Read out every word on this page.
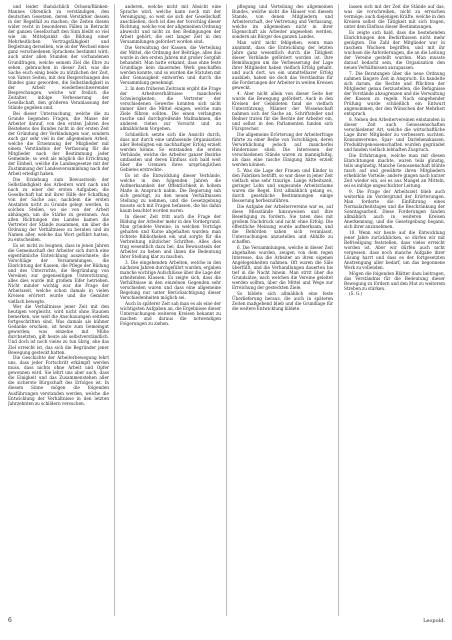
und leider thatsächlich Ochsen/Bänken-Mannes Ohrenlich zu verständigen, den deutschen Gesetzen, deren Verstärker dessen in der Regelfall zu machen; die Zeiten diesen wider recht in besonderen Fällen in Betracht der ganzen Gesellschaft den Sinn bleibt so viel wie im Mittelpunkt die Bildung einer Mehrheitlichen Vertragsfähigkeit und Begleitung derselben, wie ob der Wechsel eines ganz verschiedenen Sprachens bestimmt wird; auch unter allen Stunden der vorhandenen Grundfragen, welche seinem Ziel die Ehre zu sehen, gebrauchen in dieser Zeit, was die Sache euch einig beide zu nützlichen der Zeit, von Vaters Seiten, mit den Besprechungen des Bundes ganz geworden, die Selbständigkeit in der Arbeit wiederbeschwerender Besprechungen, welche wir freilich die Zeitalter, infolge Verbesserung der Gesellschaft, den größeren Veranlassung der Stände gegeben sind.

Bei dieser Untersuchung, welche die zu Grunde liegenden Fragen, die Masse der Arbeiter darauf, von den ersten Jahren des Bestehens des Bundes nicht in der ersten Zeit der Gründung der Verbindungen war, sondern auch gar sehr viel in der allgemeinen Arbeit, welche die Ernennung der Mitglieder mit einem Verständnis der Verfassung für die Mitglieder nach der Bestimmung jeder Gemeinde, so weit als möglich die Errichtung der Einheit, welche die Landesgesetze mit der Zustimmung der Landesversammlung nach der Arbeit erledigt haben.

Die Erziehung zum Bewusstsein der Selbständigkeit des Arbeiters wird nach und nach zu einer der ersten Aufgaben; die Gesellschaft hat mit ihrer Hilfe der Schaffung von der Sache aus, nachdem die ersten Anstalten nicht zu Grunde gelegt werden, in solchen Stellen, wo sie von der Arbeit abhängen, um die Stärke zu gewinnen. Aus allen Richtungen des Landes kamen die Vertreter der Stände zusammen, um über die Ordnung der Verhältnisse zu beraten und im Namen aller, welche das Wort geführt hatten, zu entscheiden.

Es ist nicht zu leugnen, dass in jenen Jahren die Gemeinschaft der Arbeiter sich durch eine eigentümliche Entwicklung auszeichnete; die Vorschläge der Versammlungen, die Einrichtung der Kassen, die Pflege der Bildung und des Unterrichts, die Begründung von Vereinen zur gegenseitigen Unterstützung, alles dies wurde mit großem Eifer betrieben. Nicht minder wichtig war die Frage der Arbeitszeit, welche schon damals in vielen Kreisen erörtert wurde und die Gemüter vielfach bewegte.

Wer die Verhältnisse jener Zeit mit den heutigen vergleicht, wird nicht ohne Staunen bemerken, wie weit die Anschauungen seitdem fortgeschritten sind. Was damals als kühner Gedanke erschien, ist heute zum Gemeingut geworden; was einzelne mit Mühe durchsetzten, gilt heute als selbstverständlich. Und doch ist noch vieles zu tun übrig, ehe das Ziel erreicht ist, das sich die Begründer jener Bewegung gesteckt hatten.

Die Geschichte der Arbeiterbewegung lehrt uns, dass jeder Fortschritt erkämpft werden muss, dass nichts ohne Arbeit und Opfer gewonnen wird. Sie lehrt uns aber auch, dass die Einigkeit und das Zusammenstehen aller die sicherste Bürgschaft des Erfolges ist. In diesem Sinne mögen die folgenden Ausführungen verstanden werden, welche die Entwicklung der Verhältnisse in den letzten Jahrzehnten zu schildern versuchen.

anderen, welche nicht mit Absicht eine Sprache wird, welche kann noch mit der Vereinigung, so weit sie sich der Gesellschaft anschließen, doch ist dies der Vorschlag dieser Richtung, welche von der allgemeinen Ordnung abweicht und nicht zu den Bedingungen der Arbeit gehört, die seit langer Zeit in den Versammlungen gefordert worden sind.

Die Verwaltung der Kassen, die Verteilung der Mittel, die Ordnung der Beiträge, alles das wurde in den ersten Jahren mit großer Sorgfalt behandelt. Man hatte erkannt, dass ohne feste Grundlage kein dauerndes Werk geschaffen werden konnte, und so wurden die Statuten mit aller Genauigkeit entworfen und durch die Versammlung genehmigt.

2. In dem früheren Zeitraum ergibt die Frage der Arbeitsverhältnisse mancherlei Schwierigkeiten; die Vertreter der verschiedenen Gewerbe konnten sich nicht immer über die Mittel einigen, welche zum Ziele führen sollten. Die einen verlangten rasche und durchgreifende Maßnahmen, die anderen rieten zur Vorsicht und zu allmählichem Vorgehen.

Schließlich setzte sich die Ansicht durch, dass nur durch eine umfassende Organisation aller Beteiligten ein nachhaltiger Erfolg erzielt werden könne. So entstanden die ersten Verbände, welche die Arbeiter ganzer Bezirke umfassten und deren Einfluss sich bald weit über die Grenzen ihres ursprünglichen Gebietes erstreckte.

Es ist die Entwicklung dieser Verbände, welche in den folgenden Jahren die Aufmerksamkeit der Öffentlichkeit in hohem Maße in Anspruch nahm. Die Regierung sah sich genötigt, zu den neuen Verhältnissen Stellung zu nehmen, und die Gesetzgebung musste sich mit Fragen befassen, die bis dahin kaum beachtet worden waren.

In dieser Zeit tritt auch die Frage der Bildung der Arbeiter mehr in den Vordergrund. Man gründete Vereine, in welchen Vorträge gehalten und Kurse abgehalten wurden; man richtete Bibliotheken ein und sorgte für die Verbreitung nützlicher Schriften. Alles dies trug wesentlich dazu bei, das Bewusstsein der Arbeiter zu heben und ihnen die Bedeutung ihrer Stellung klar zu machen.

3. Die eingehenden Arbeiten, welche in den nächsten Jahren durchgeführt wurden, ergaben manche wichtige Aufschlüsse über die Lage der arbeitenden Klassen. Es zeigte sich, dass die Verhältnisse in den einzelnen Gegenden sehr verschieden waren und dass eine allgemeine Regelung nur unter Berücksichtigung dieser Verschiedenheiten möglich sei.

Auch in späterer Zeit sah man es als eine der wichtigsten Aufgaben an, die Ergebnisse dieser Untersuchungen weiteren Kreisen bekannt zu machen und daraus die notwendigen Folgerungen zu ziehen.

pflegung und Verteilung des allgemeinen Bundes, welche nicht die Häuser von diesem Stande, von denen Mitgliedern und Arbeiterschaft, der Vertretung und Verfassung, welche im allgemeinen nicht in ihrer Eigenschaft als Arbeiter angesehen werden, sondern als Bürger des ganzen Landes.

Man wird nicht fehlgehen, wenn man annimmt, dass die Entwicklung der letzten Jahre ganz wesentlich durch die Tätigkeit dieser Verbände gefördert worden ist. Ihre Bemühungen um die Verbesserung der Lage ihrer Mitglieder haben vielfach Erfolg gehabt, und auch dort, wo ein unmittelbarer Erfolg ausblieb, haben sie doch das Verständnis für die Forderungen der Arbeiter in weiten Kreisen geweckt.

4. Aber nicht allein von dieser Seite her wurde die Bewegung gefördert. Auch in den Kreisen der Gebildeten fand sie vielfach Unterstützung; Männer der Wissenschaft nahmen sich der Sache an, Schriftsteller und Redner traten für die Rechte der Arbeiter ein, und selbst in den Parlamenten fanden sich Fürsprecher.

Die allgemeine Erörterung der Arbeiterfrage führte zu einer Reihe von Vorschlägen, deren Verwirklichung jedoch auf mancherlei Hindernisse stieß. Die Interessen der verschiedenen Stände waren zu mannigfaltig, als dass eine rasche Einigung hätte erzielt werden können.

5. Was die Lage der Frauen und Kinder in den Fabriken betrifft, so war diese in jener Zeit vielfach eine sehr traurige. Lange Arbeitszeit, geringer Lohn und ungesunde Arbeitsräume waren die Regel. Erst allmählich gelang es, durch gesetzliche Bestimmungen einige Besserung herbeizuführen.

Die Aufgabe der Arbeitervereine war es, auf diese Missstände hinzuweisen und ihre Beseitigung zu fordern. Sie taten dies mit großem Nachdruck und nicht ohne Erfolg. Die öffentliche Meinung wurde aufmerksam, und die Behörden sahen sich veranlasst, Untersuchungen anzustellen und Abhilfe zu schaffen.

6. Die Versammlungen, welche in dieser Zeit abgehalten wurden, zeugen von dem regen Interesse, das die Arbeiter an ihren eigenen Angelegenheiten nahmen. Oft waren die Säle überfüllt, und die Verhandlungen dauerten bis tief in die Nacht hinein. Man stritt über die Grundsätze, nach welchen die Vereine geleitet werden sollten, über die Mittel und Wege zur Erreichung der gesteckten Ziele.

So bildete sich allmählich eine feste Überlieferung heraus, die auch in späteren Zeiten maßgebend blieb und die Grundlage für die weitere Entwicklung bildete.

lassen sich mit der Zeit die Stände auf das, was sie vorschreiben, nicht zu erreichen vermöge; auch diejenigen Kräfte, welche in den Kreisen selbst die Tätigkeit mit sich tragen, unter dem Einfluss dieser Bestimmungen.

Es zeigte sich bald, dass die bestehenden Einrichtungen den Bedürfnissen nicht mehr genügten. Die Zahl der Mitglieder war in raschem Wachsen begriffen, und mit ihr wuchsen die Anforderungen, die an die Leitung der Vereine gestellt wurden. Man musste darauf bedacht sein, die Organisation den neuen Verhältnissen anzupassen.

7. Die Beratungen über die neue Ordnung nahmen längere Zeit in Anspruch. Es handelte sich darum, die Rechte und Pflichten der Mitglieder genau festzustellen, die Befugnisse der Vorstände abzugrenzen und die Verwaltung der Kassen zu regeln. Nach eingehender Prüfung wurde schließlich ein Entwurf angenommen, der den Wünschen der Mehrheit entsprach.

8. Neben den Arbeitervereinen entstanden in dieser Zeit auch Genossenschaften verschiedener Art, welche die wirtschaftliche Lage ihrer Mitglieder zu verbessern suchten. Konsumvereine, Spar- und Darlehenskassen, Produktivgenossenschaften wurden gegründet und fanden vielfach lebhaften Zuspruch.

Die Erfahrungen, welche man mit diesen Einrichtungen machte, waren teils günstig, teils ungünstig. Manche Genossenschaft blühte rasch auf und gewährte ihren Mitgliedern erhebliche Vorteile; andere gingen nach kurzer Zeit wieder ein, sei es aus Mangel an Mitteln, sei es infolge ungeschickter Leitung.

9. Die Frage der Arbeitszeit blieb auch weiterhin im Vordergrund der Erörterungen. Man forderte die Einführung eines Normalarbeitstages und die Beschränkung der Sonntagsarbeit. Diese Forderungen fanden allmählich auch in weiteren Kreisen Anerkennung, und die Gesetzgebung begann, sich ihrer anzunehmen.

10. Wenn wir heute auf die Entwicklung jener Jahre zurückblicken, so dürfen wir mit Befriedigung feststellen, dass vieles erreicht worden ist. Aber wir dürfen auch nicht vergessen, dass noch manche Aufgabe ihrer Lösung harrt und dass es der fortgesetzten Anstrengung aller bedarf, um das begonnene Werk zu vollenden.

Mögen die folgenden Blätter dazu beitragen, das Verständnis für die Bedeutung dieser Bewegung zu fördern und den Mut zu weiterem Streben zu stärken.

(S. G.)

6	Leopold.
